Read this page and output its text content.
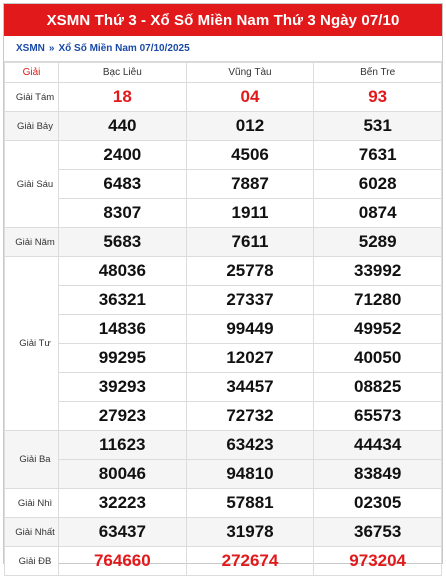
XSMN Thứ 3 - Xổ Số Miền Nam Thứ 3 Ngày 07/10
XSMN » Xổ Số Miền Nam 07/10/2025
Giải	Bạc Liêu	Vũng Tàu	Bến Tre
Giải Tám	18	04	93
Giải Bảy	440	012	531
Giải Sáu	2400	4506	7631
	6483	7887	6028
	8307	1911	0874
Giải Năm	5683	7611	5289
Giải Tư	48036	25778	33992
	36321	27337	71280
	14836	99449	49952
	99295	12027	40050
	39293	34457	08825
	27923	72732	65573
Giải Ba	11623	63423	44434
	80046	94810	83849
Giải Nhì	32223	57881	02305
Giải Nhất	63437	31978	36753
Giải ĐB	764660	272674	973204
